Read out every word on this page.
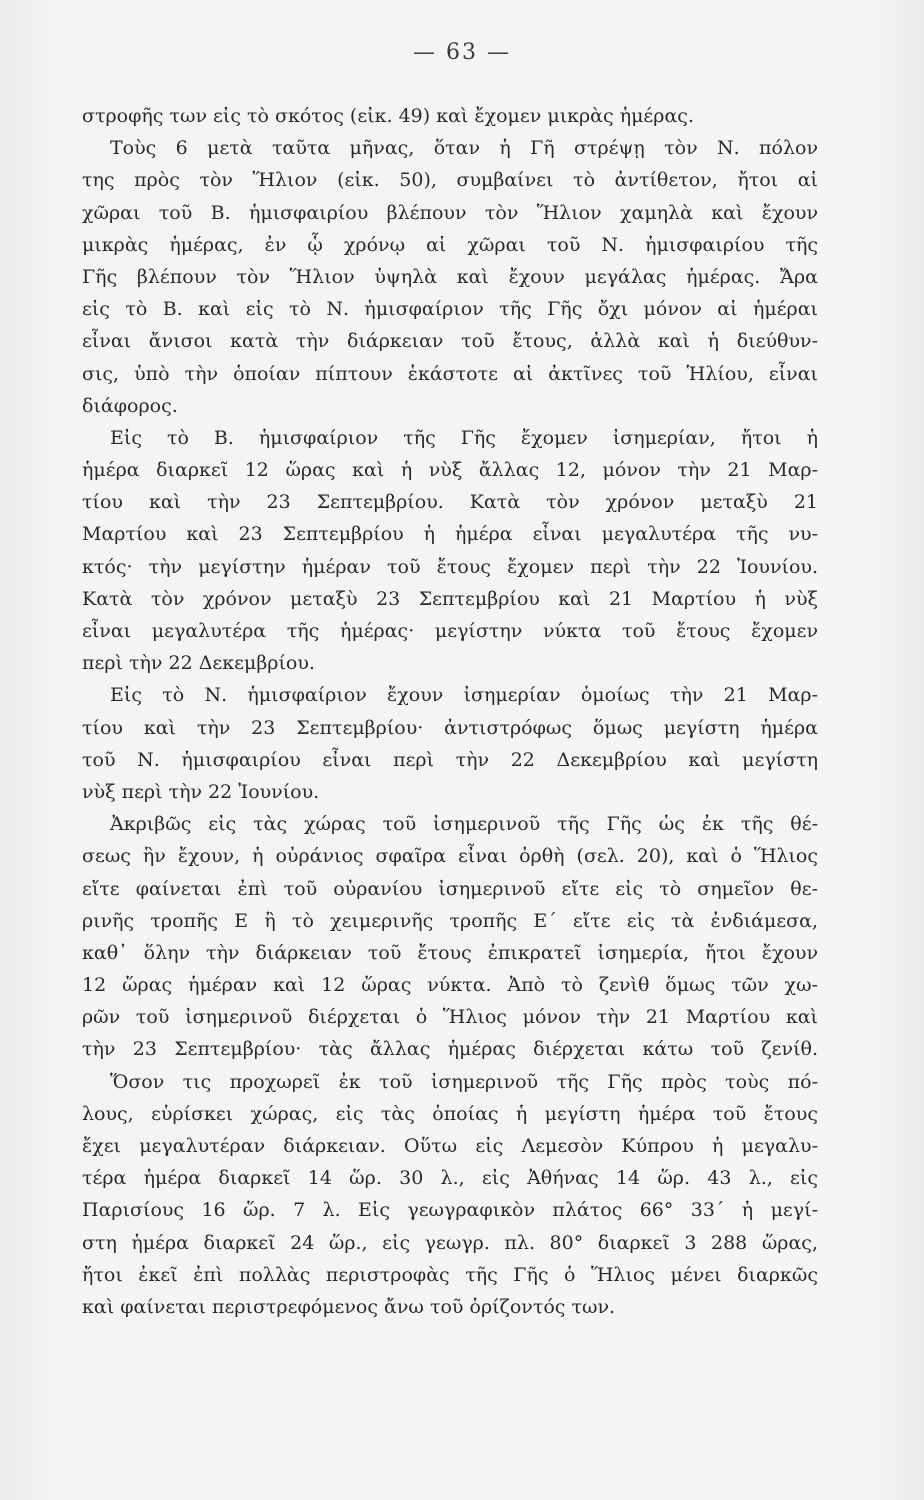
— 63 —
στροφῆς των εἰς τὸ σκότος (εἰκ. 49) καὶ ἔχομεν μικρὰς ἡμέρας.
Τοὺς 6 μετὰ ταῦτα μῆνας, ὅταν ἡ Γῆ στρέψῃ τὸν Ν. πόλον
της πρὸς τὸν Ἥλιον (εἰκ. 50), συμβαίνει τὸ ἀντίθετον, ἤτοι αἱ
χῶραι τοῦ Β. ἡμισφαιρίου βλέπουν τὸν Ἥλιον χαμηλὰ καὶ ἔχουν
μικρὰς ἡμέρας, ἐν ᾧ χρόνῳ αἱ χῶραι τοῦ Ν. ἡμισφαιρίου τῆς
Γῆς βλέπουν τὸν Ἥλιον ὑψηλὰ καὶ ἔχουν μεγάλας ἡμέρας. Ἄρα
εἰς τὸ Β. καὶ εἰς τὸ Ν. ἡμισφαίριον τῆς Γῆς ὄχι μόνον αἱ ἡμέραι
εἶναι ἄνισοι κατὰ τὴν διάρκειαν τοῦ ἔτους, ἀλλὰ καὶ ἡ διεύθυν-
σις, ὑπὸ τὴν ὁποίαν πίπτουν ἑκάστοτε αἱ ἀκτῖνες τοῦ Ἡλίου, εἶναι
διάφορος.
Εἰς τὸ Β. ἡμισφαίριον τῆς Γῆς ἔχομεν ἰσημερίαν, ἤτοι ἡ
ἡμέρα διαρκεῖ 12 ὥρας καὶ ἡ νὺξ ἄλλας 12, μόνον τὴν 21 Μαρ-
τίου καὶ τὴν 23 Σεπτεμβρίου. Κατὰ τὸν χρόνον μεταξὺ 21
Μαρτίου καὶ 23 Σεπτεμβρίου ἡ ἡμέρα εἶναι μεγαλυτέρα τῆς νυ-
κτός· τὴν μεγίστην ἡμέραν τοῦ ἔτους ἔχομεν περὶ τὴν 22 Ἰουνίου.
Κατὰ τὸν χρόνον μεταξὺ 23 Σεπτεμβρίου καὶ 21 Μαρτίου ἡ νὺξ
εἶναι μεγαλυτέρα τῆς ἡμέρας· μεγίστην νύκτα τοῦ ἔτους ἔχομεν
περὶ τὴν 22 Δεκεμβρίου.
Εἰς τὸ Ν. ἡμισφαίριον ἔχουν ἰσημερίαν ὁμοίως τὴν 21 Μαρ-
τίου καὶ τὴν 23 Σεπτεμβρίου· ἀντιστρόφως ὅμως μεγίστη ἡμέρα
τοῦ Ν. ἡμισφαιρίου εἶναι περὶ τὴν 22 Δεκεμβρίου καὶ μεγίστη
νὺξ περὶ τὴν 22 Ἰουνίου.
Ἀκριβῶς εἰς τὰς χώρας τοῦ ἰσημερινοῦ τῆς Γῆς ὡς ἐκ τῆς θέ-
σεως ἣν ἔχουν, ἡ οὐράνιος σφαῖρα εἶναι ὀρθὴ (σελ. 20), καὶ ὁ Ἥλιος
εἴτε φαίνεται ἐπὶ τοῦ οὐρανίου ἰσημερινοῦ εἴτε εἰς τὸ σημεῖον θε-
ρινῆς τροπῆς Ε ἢ τὸ χειμερινῆς τροπῆς Ε΄ εἴτε εἰς τὰ ἐνδιάμεσα,
καθ᾽ ὅλην τὴν διάρκειαν τοῦ ἔτους ἐπικρατεῖ ἰσημερία, ἤτοι ἔχουν
12 ὥρας ἡμέραν καὶ 12 ὥρας νύκτα. Ἀπὸ τὸ ζενὶθ ὅμως τῶν χω-
ρῶν τοῦ ἰσημερινοῦ διέρχεται ὁ Ἥλιος μόνον τὴν 21 Μαρτίου καὶ
τὴν 23 Σεπτεμβρίου· τὰς ἄλλας ἡμέρας διέρχεται κάτω τοῦ ζενίθ.
Ὅσον τις προχωρεῖ ἐκ τοῦ ἰσημερινοῦ τῆς Γῆς πρὸς τοὺς πό-
λους, εὑρίσκει χώρας, εἰς τὰς ὁποίας ἡ μεγίστη ἡμέρα τοῦ ἔτους
ἔχει μεγαλυτέραν διάρκειαν. Οὕτω εἰς Λεμεσὸν Κύπρου ἡ μεγαλυ-
τέρα ἡμέρα διαρκεῖ 14 ὥρ. 30 λ., εἰς Ἀθήνας 14 ὥρ. 43 λ., εἰς
Παρισίους 16 ὥρ. 7 λ. Εἰς γεωγραφικὸν πλάτος 66° 33΄ ἡ μεγί-
στη ἡμέρα διαρκεῖ 24 ὥρ., εἰς γεωγρ. πλ. 80° διαρκεῖ 3 288 ὥρας,
ἤτοι ἐκεῖ ἐπὶ πολλὰς περιστροφὰς τῆς Γῆς ὁ Ἥλιος μένει διαρκῶς
καὶ φαίνεται περιστρεφόμενος ἄνω τοῦ ὁρίζοντός των.
